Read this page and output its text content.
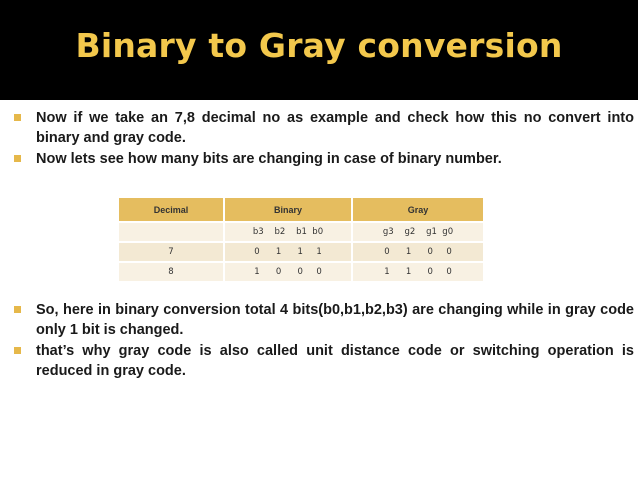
Binary to Gray conversion
Now if we take an 7,8 decimal no as example and check how this no convert into binary and gray code.
Now lets see how many bits are changing in case of binary number.
Decimal	Binary	Gray
	b3    b2    b1  b0	g3    g2    g1  g0
7	0      1      1     1	0      1      0     0
8	1      0      0     0	1      1      0     0
So, here in binary conversion total 4 bits(b0,b1,b2,b3) are changing while in gray code only 1 bit is changed.
that’s why gray code is also called unit distance code or switching operation is reduced in gray code.
